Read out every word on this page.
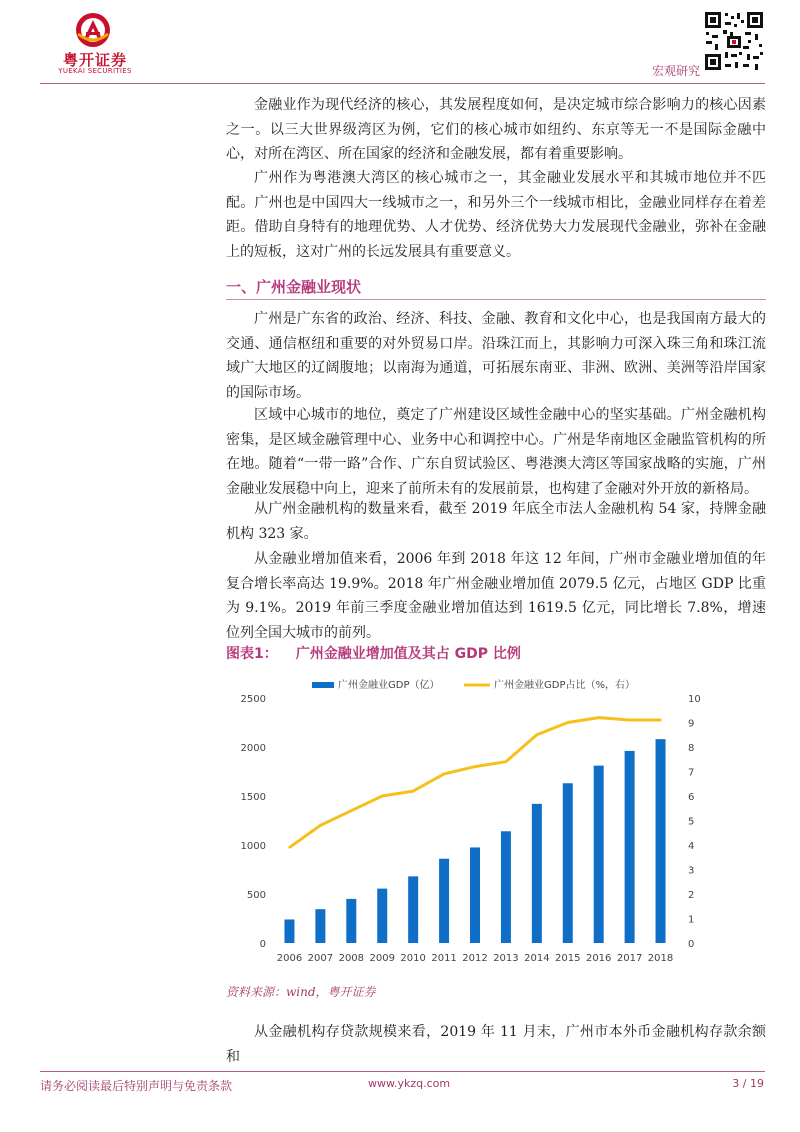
粤开证券
YUEKAI SECURITIES	宏观研究

金融业作为现代经济的核心，其发展程度如何，是决定城市综合影响力的核心因素之一。以三大世界级湾区为例，它们的核心城市如纽约、东京等无一不是国际金融中心，对所在湾区、所在国家的经济和金融发展，都有着重要影响。

广州作为粤港澳大湾区的核心城市之一，其金融业发展水平和其城市地位并不匹配。广州也是中国四大一线城市之一，和另外三个一线城市相比，金融业同样存在着差距。借助自身特有的地理优势、人才优势、经济优势大力发展现代金融业，弥补在金融上的短板，这对广州的长远发展具有重要意义。

一、广州金融业现状

广州是广东省的政治、经济、科技、金融、教育和文化中心，也是我国南方最大的交通、通信枢纽和重要的对外贸易口岸。沿珠江而上，其影响力可深入珠三角和珠江流域广大地区的辽阔腹地；以南海为通道，可拓展东南亚、非洲、欧洲、美洲等沿岸国家的国际市场。

区域中心城市的地位，奠定了广州建设区域性金融中心的坚实基础。广州金融机构密集，是区域金融管理中心、业务中心和调控中心。广州是华南地区金融监管机构的所在地。随着“一带一路”合作、广东自贸试验区、粤港澳大湾区等国家战略的实施，广州金融业发展稳中向上，迎来了前所未有的发展前景，也构建了金融对外开放的新格局。

从广州金融机构的数量来看，截至 2019 年底全市法人金融机构 54 家，持牌金融机构 323 家。

从金融业增加值来看，2006 年到 2018 年这 12 年间，广州市金融业增加值的年复合增长率高达 19.9%。2018 年广州金融业增加值 2079.5 亿元，占地区 GDP 比重为 9.1%。2019 年前三季度金融业增加值达到 1619.5 亿元，同比增长 7.8%，增速位列全国大城市的前列。

图表1： 广州金融业增加值及其占 GDP 比例
0
500
1000
1500
2000
2500
0
1
2
3
4
5
6
7
8
9
10
2006 2007 2008 2009 2010 2011 2012 2013 2014 2015 2016 2017 2018
广州金融业GDP（亿）	广州金融业GDP占比（%，右）
资料来源：wind，粤开证券

从金融机构存贷款规模来看，2019 年 11 月末，广州市本外币金融机构存款余额和

请务必阅读最后特别声明与免责条款	www.ykzq.com	3 / 19
